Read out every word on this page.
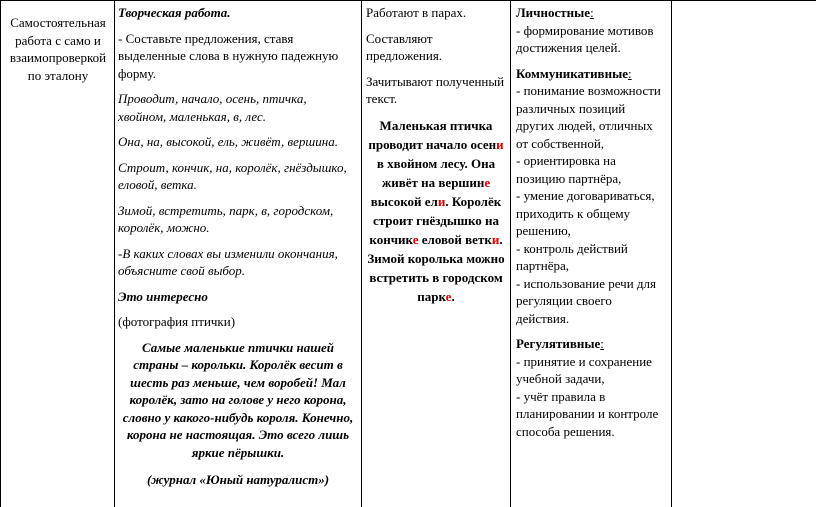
Самостоятельная работа с само и взаимопроверкой по эталону

Творческая работа.

- Составьте предложения, ставя выделенные слова в нужную падежную форму.

Проводит, начало, осень, птичка, хвойном, маленькая, в, лес.

Она, на, высокой, ель, живёт, вершина.

Строит, кончик, на, королёк, гнёздышко, еловой, ветка.

Зимой, встретить, парк, в, городском, королёк, можно.

-В каких словах вы изменили окончания, объясните свой выбор.

Это интересно

(фотография птички)

Самые маленькие птички нашей страны – корольки. Королёк весит в шесть раз меньше, чем воробей! Мал королёк, зато на голове у него корона, словно у какого-нибудь короля. Конечно, корона не настоящая. Это всего лишь яркие пёрышки.

(журнал «Юный натуралист»)

Работают в парах.

Составляют предложения.

Зачитывают полученный текст.

Маленькая птичка проводит начало осени в хвойном лесу. Она живёт на вершине высокой ели. Королёк строит гнёздышко на кончике еловой ветки. Зимой королька можно встретить в городском парке.
Личностные:
- формирование мотивов достижения целей.
Коммуникативные:
- понимание возможности различных позиций других людей, отличных от собственной,
- ориентировка на позицию партнёра,
- умение договариваться, приходить к общему решению,
- контроль действий партнёра,
- использование речи для регуляции своего действия.
Регулятивные:
- принятие и сохранение учебной задачи,
- учёт правила в планировании и контроле способа решения.
